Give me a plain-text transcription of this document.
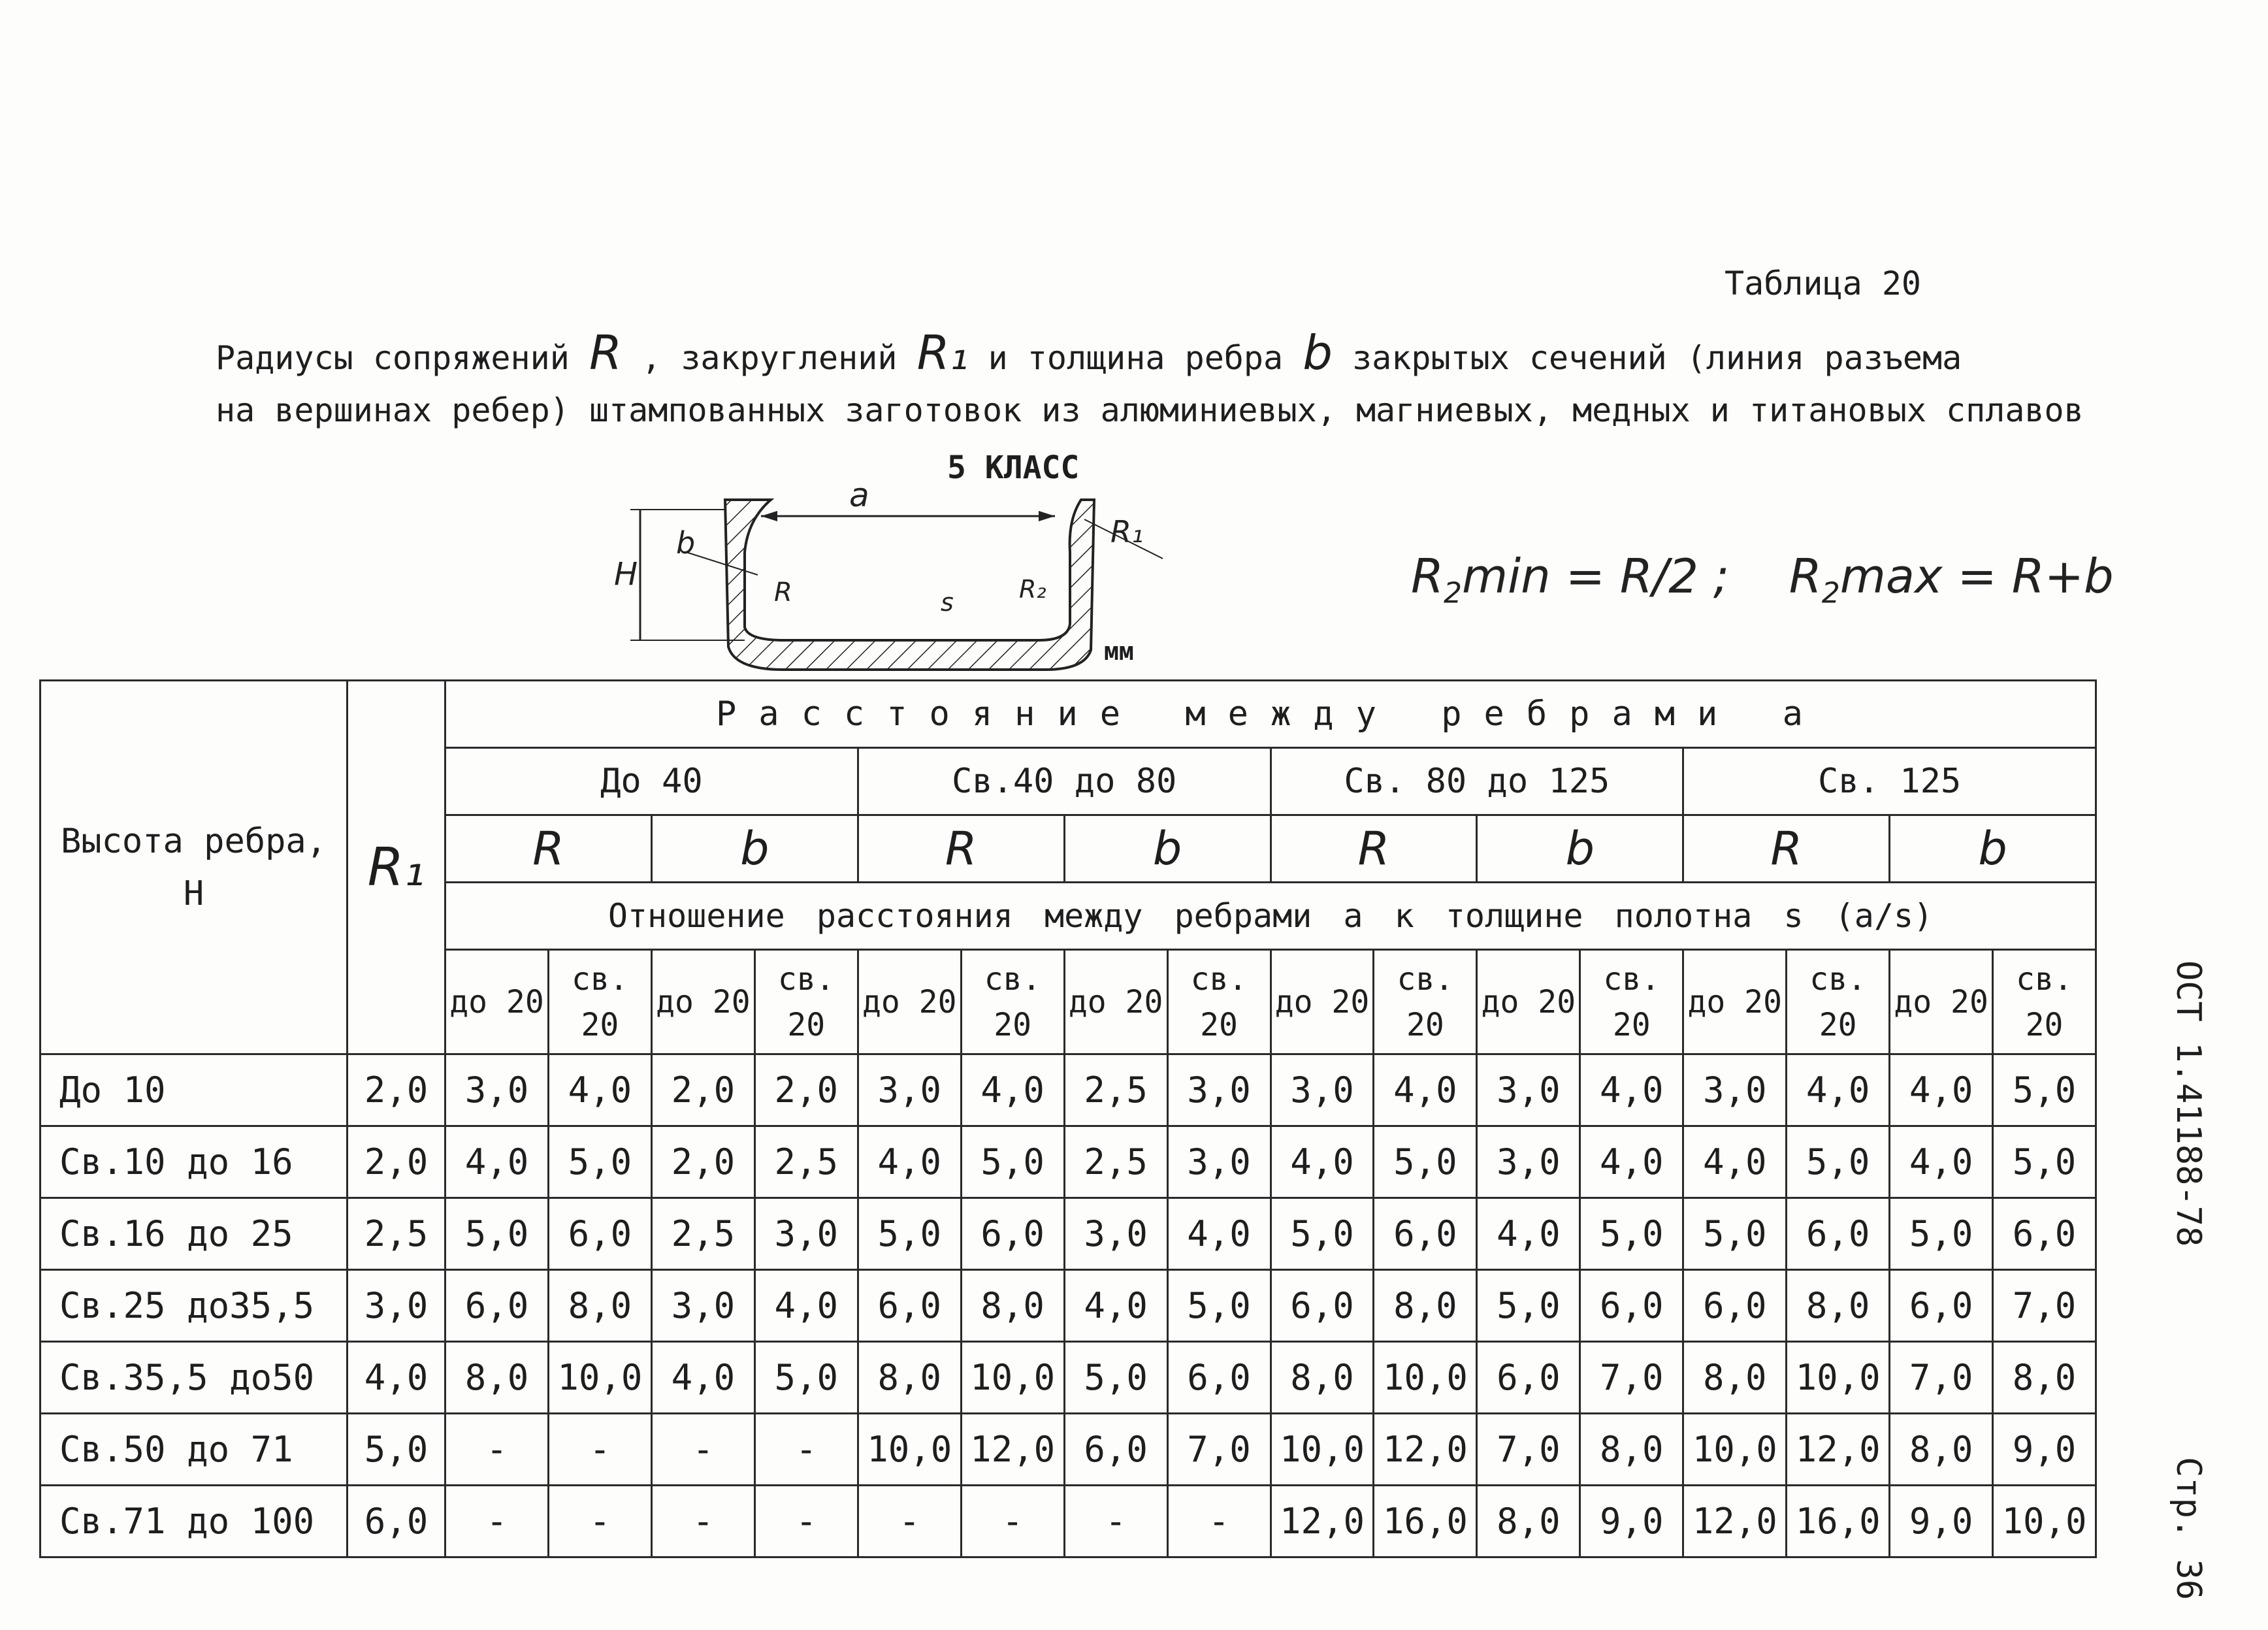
Таблица 20
Радиусы сопряжений R , закруглений R₁ и толщина ребра b закрытых сечений (линия разъема
на вершинах ребер) штампованных заготовок из алюминиевых, магниевых, медных и титановых сплавов
a
H
b
R
R₁
R₂
s
5 КЛАСС
мм
$R_2\min = R/2$ ; $R_2\max = R+b$
Высота ребра, H	R₁	Расстояние между ребрами a															
		До 40				Св.40 до 80				Св. 80 до 125				Св. 125			
		R		b		R		b		R		b		R		b	
		Отношение расстояния между ребрами a к толщине полотна s (a/s)															
		до 20	св. 20	до 20	св. 20	до 20	св. 20	до 20	св. 20	до 20	св. 20	до 20	св. 20	до 20	св. 20	до 20	св. 20
До 10	2,0	3,0	4,0	2,0	2,0	3,0	4,0	2,5	3,0	3,0	4,0	3,0	4,0	3,0	4,0	4,0	5,0
Св.10 до 16	2,0	4,0	5,0	2,0	2,5	4,0	5,0	2,5	3,0	4,0	5,0	3,0	4,0	4,0	5,0	4,0	5,0
Св.16 до 25	2,5	5,0	6,0	2,5	3,0	5,0	6,0	3,0	4,0	5,0	6,0	4,0	5,0	5,0	6,0	5,0	6,0
Св.25 до35,5	3,0	6,0	8,0	3,0	4,0	6,0	8,0	4,0	5,0	6,0	8,0	5,0	6,0	6,0	8,0	6,0	7,0
Св.35,5 до50	4,0	8,0	10,0	4,0	5,0	8,0	10,0	5,0	6,0	8,0	10,0	6,0	7,0	8,0	10,0	7,0	8,0
Св.50 до 71	5,0	-	-	-	-	10,0	12,0	6,0	7,0	10,0	12,0	7,0	8,0	10,0	12,0	8,0	9,0
Св.71 до 100	6,0	-	-	-	-	-	-	-	-	12,0	16,0	8,0	9,0	12,0	16,0	9,0	10,0
ОСТ 1.41188-78
Стр. 36
